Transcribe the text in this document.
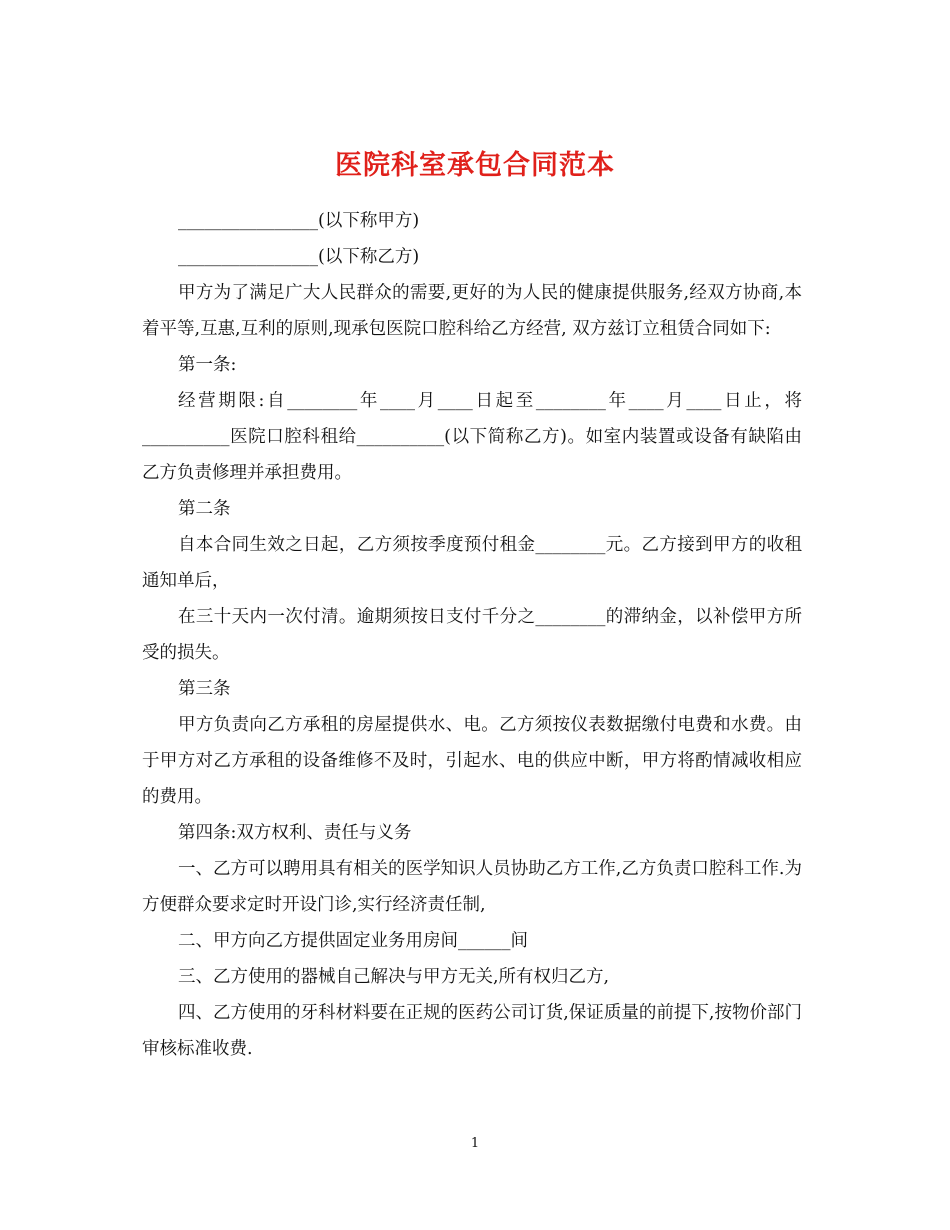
医院科室承包合同范本

________________(以下称甲方)

________________(以下称乙方)

甲方为了满足广大人民群众的需要,更好的为人民的健康提供服务,经双方协商,本着平等,互惠,互利的原则,现承包医院口腔科给乙方经营, 双方兹订立租赁合同如下:

第一条:

经营期限:自________年____月____日起至________年____月____日止，将__________医院口腔科租给__________(以下简称乙方)。如室内装置或设备有缺陷由乙方负责修理并承担费用。

第二条

自本合同生效之日起，乙方须按季度预付租金________元。乙方接到甲方的收租通知单后，

在三十天内一次付清。逾期须按日支付千分之________的滞纳金，以补偿甲方所受的损失。

第三条

甲方负责向乙方承租的房屋提供水、电。乙方须按仪表数据缴付电费和水费。由于甲方对乙方承租的设备维修不及时，引起水、电的供应中断，甲方将酌情减收相应的费用。

第四条:双方权利、责任与义务

一、乙方可以聘用具有相关的医学知识人员协助乙方工作,乙方负责口腔科工作.为方便群众要求定时开设门诊,实行经济责任制,

二、甲方向乙方提供固定业务用房间______间

三、乙方使用的器械自己解决与甲方无关,所有权归乙方,

四、乙方使用的牙科材料要在正规的医药公司订货,保证质量的前提下,按物价部门审核标准收费.

1
